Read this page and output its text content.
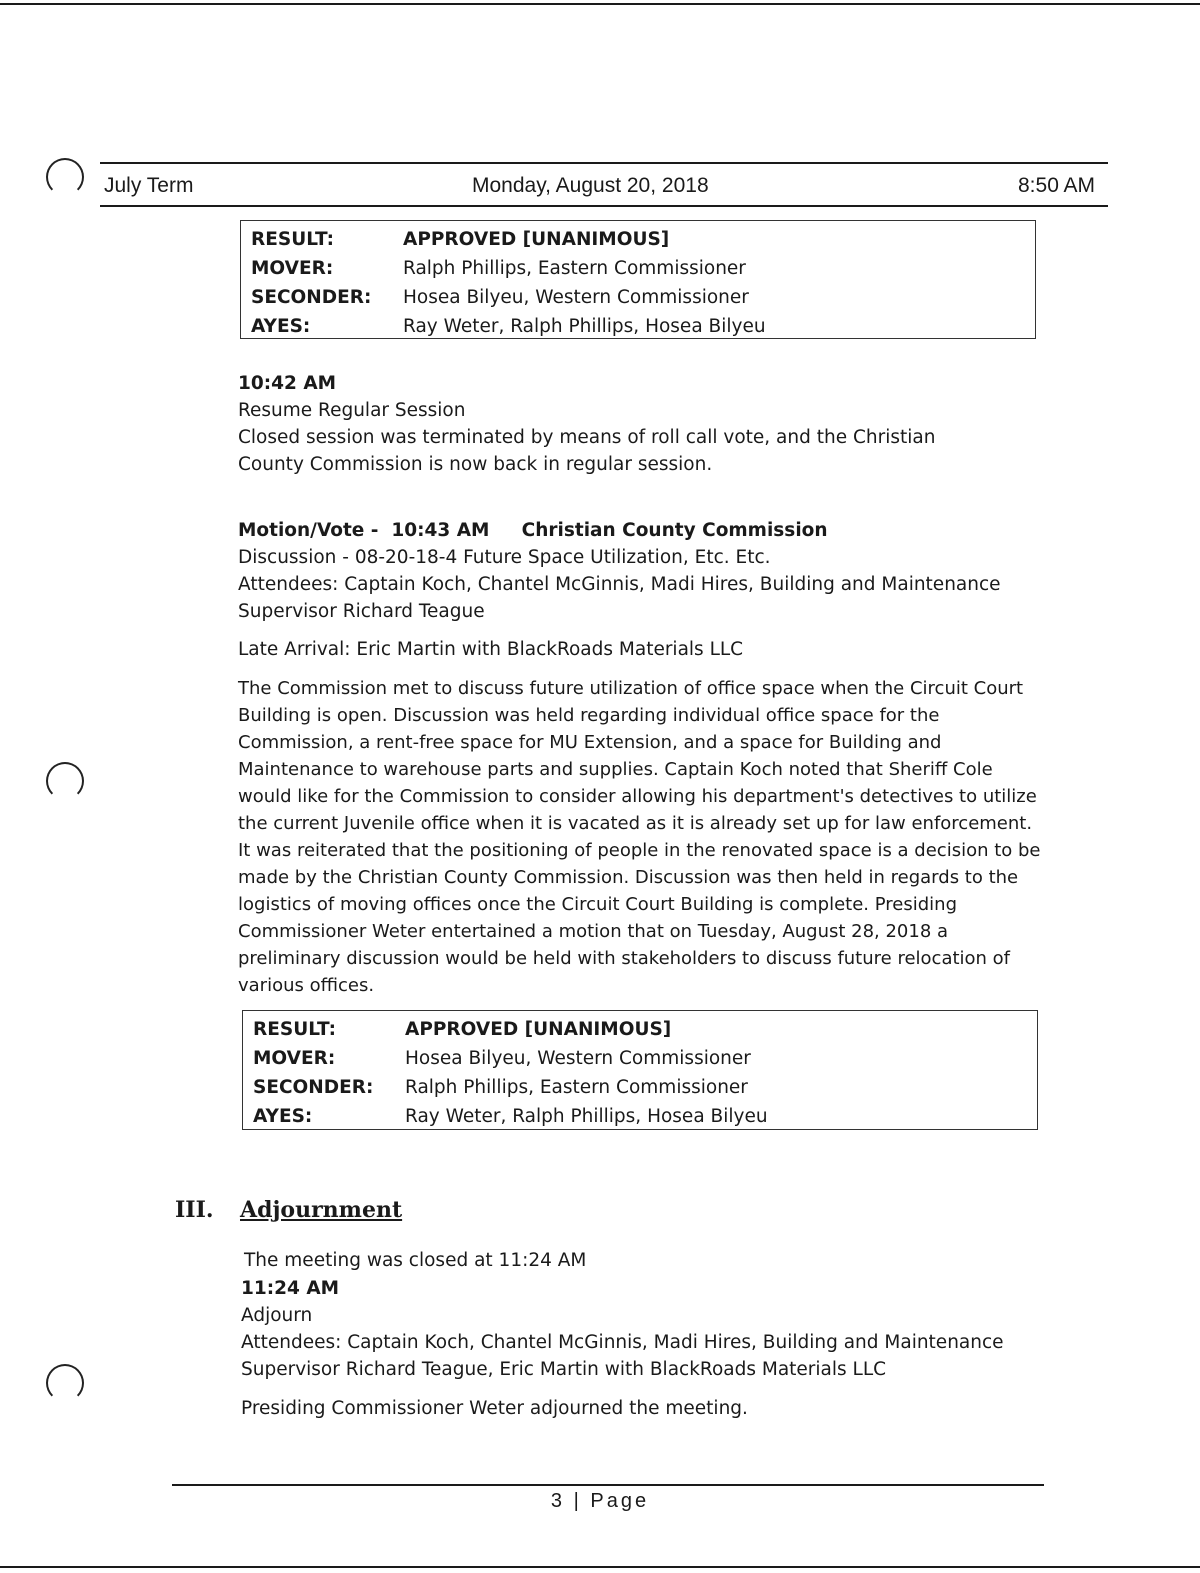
July Term	Monday, August 20, 2018	8:50 AM
RESULT:	APPROVED [UNANIMOUS]
MOVER:	Ralph Phillips, Eastern Commissioner
SECONDER: Hosea Bilyeu, Western Commissioner
AYES:	Ray Weter, Ralph Phillips, Hosea Bilyeu
10:42 AM
Resume Regular Session
Closed session was terminated by means of roll call vote, and the Christian County Commission is now back in regular session.
Motion/Vote - 10:43 AM Christian County Commission
Discussion - 08-20-18-4 Future Space Utilization, Etc. Etc.
Attendees: Captain Koch, Chantel McGinnis, Madi Hires, Building and Maintenance Supervisor Richard Teague
Late Arrival: Eric Martin with BlackRoads Materials LLC
The Commission met to discuss future utilization of office space when the Circuit Court Building is open. Discussion was held regarding individual office space for the Commission, a rent-free space for MU Extension, and a space for Building and Maintenance to warehouse parts and supplies. Captain Koch noted that Sheriff Cole would like for the Commission to consider allowing his department's detectives to utilize the current Juvenile office when it is vacated as it is already set up for law enforcement. It was reiterated that the positioning of people in the renovated space is a decision to be made by the Christian County Commission. Discussion was then held in regards to the logistics of moving offices once the Circuit Court Building is complete. Presiding Commissioner Weter entertained a motion that on Tuesday, August 28, 2018 a preliminary discussion would be held with stakeholders to discuss future relocation of various offices.
RESULT:	APPROVED [UNANIMOUS]
MOVER:	Hosea Bilyeu, Western Commissioner
SECONDER: Ralph Phillips, Eastern Commissioner
AYES:	Ray Weter, Ralph Phillips, Hosea Bilyeu
III. Adjournment
The meeting was closed at 11:24 AM
11:24 AM
Adjourn
Attendees: Captain Koch, Chantel McGinnis, Madi Hires, Building and Maintenance Supervisor Richard Teague, Eric Martin with BlackRoads Materials LLC
Presiding Commissioner Weter adjourned the meeting.
3 | Page
